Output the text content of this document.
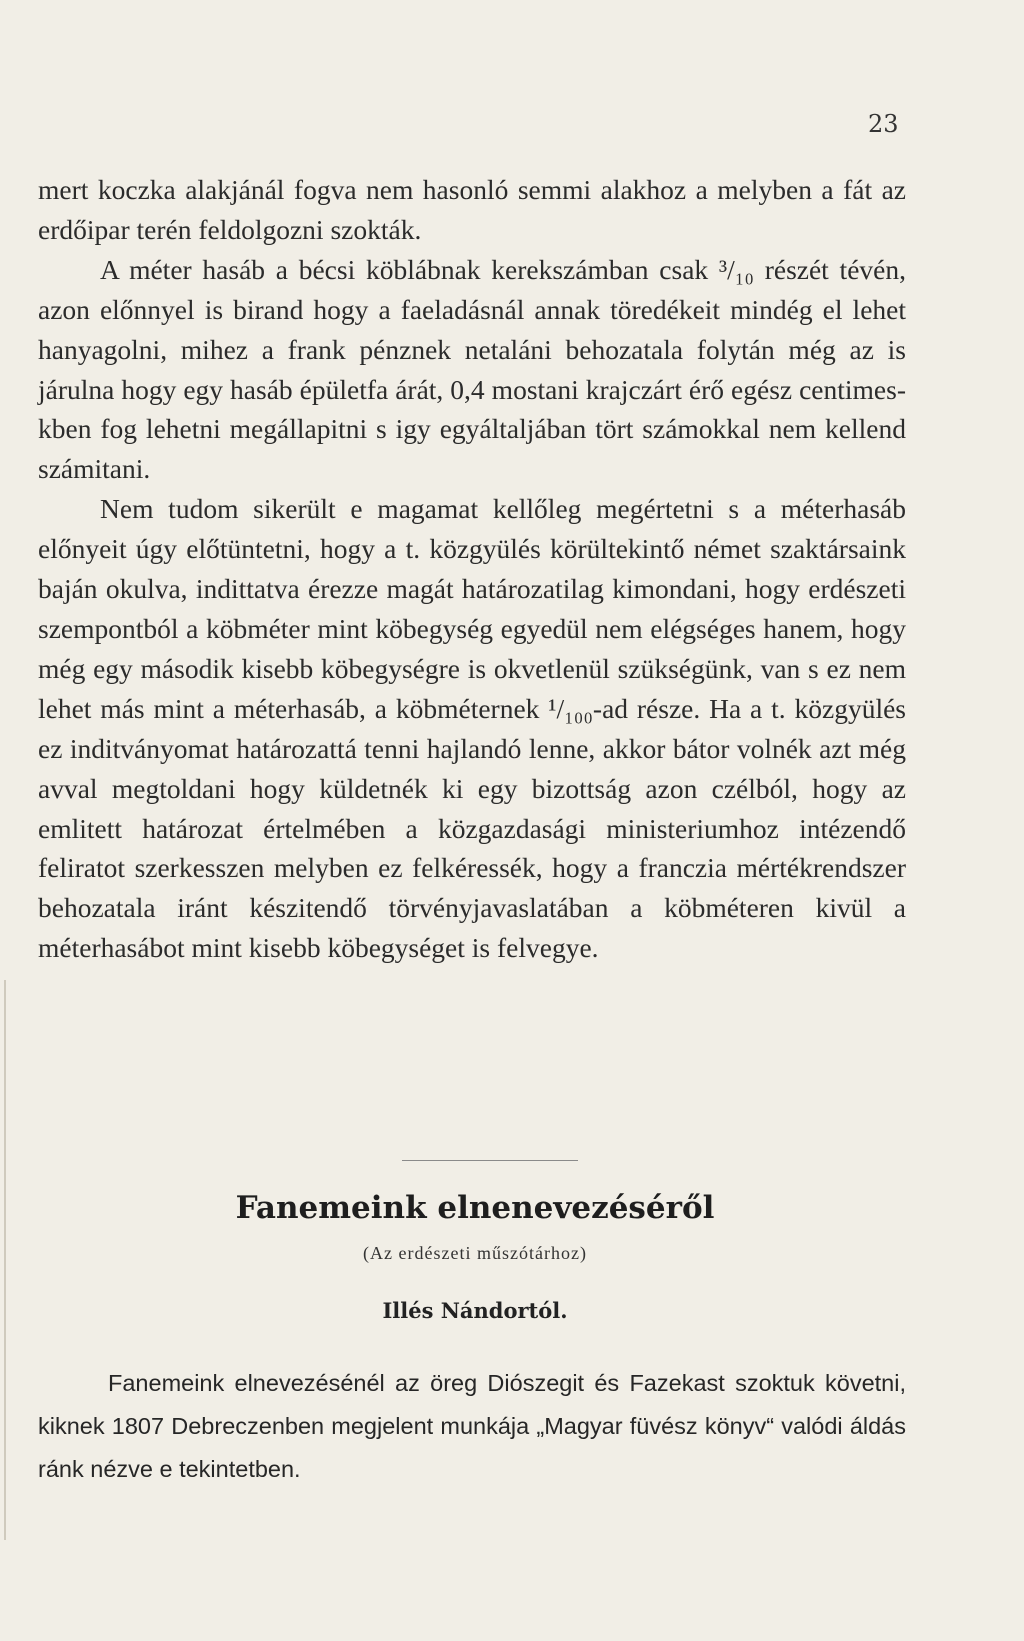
23

mert koczka alakjánál fogva nem hasonló semmi alakhoz a melyben a fát az erdőipar terén feldolgozni szokták.

A méter hasáb a bécsi köblábnak kerekszámban csak ³/₁₀ részét tévén, azon előnnyel is birand hogy a faeladásnál annak töredékeit mindég el lehet hanyagolni, mihez a frank pénznek netaláni behozatala folytán még az is járulna hogy egy hasáb épületfa árát, 0,4 mostani krajczárt érő egész centimes-kben fog lehetni megállapitni s igy egyáltaljában tört számokkal nem kellend számitani.

Nem tudom sikerült e magamat kellőleg megértetni s a méterhasáb előnyeit úgy előtüntetni, hogy a t. közgyülés körültekintő német szaktársaink baján okulva, indittatva érezze magát határozatilag kimondani, hogy erdészeti szempontból a köbméter mint köbegység egyedül nem elégséges hanem, hogy még egy második kisebb köbegységre is okvetlenül szükségünk, van s ez nem lehet más mint a méterhasáb, a köbméternek ¹/₁₀₀-ad része. Ha a t. közgyülés ez inditványomat határozattá tenni hajlandó lenne, akkor bátor volnék azt még avval megtoldani hogy küldetnék ki egy bizottság azon czélból, hogy az emlitett határozat értelmében a közgazdasági ministeriumhoz intézendő feliratot szerkesszen melyben ez felkéressék, hogy a franczia mértékrendszer behozatala iránt készitendő törvényjavaslatában a köbméteren kivül a méterhasábot mint kisebb köbegységet is felvegye.

Fanemeink elnenevezéséről
(Az erdészeti műszótárhoz)
Illés Nándortól.

Fanemeink elnevezésénél az öreg Diószegit és Fazekast szoktuk követni, kiknek 1807 Debreczenben megjelent munkája „Magyar füvész könyv“ valódi áldás ránk nézve e tekintetben.
